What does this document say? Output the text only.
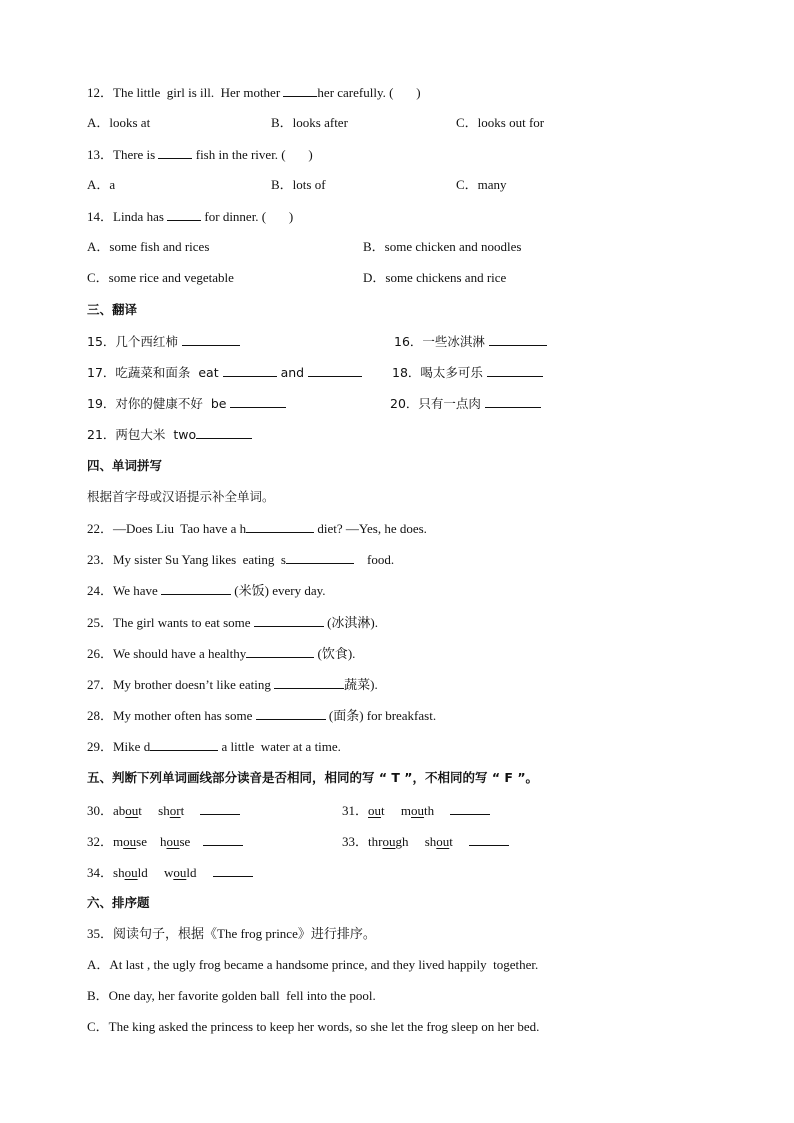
12．The little  girl is ill.  Her mother	her carefully. (       )
A．looks at	B．looks after	C．looks out for
13．There is	fish in the river. (       )
A．a	B．lots of	C．many
14．Linda has	for dinner. (       )
A．some fish and rices	B．some chicken and noodles
C．some rice and vegetable	D．some chickens and rice
三、翻译
15．几个西红柿	16．一些冰淇淋
17．吃蔬菜和面条  eat	and	18．喝太多可乐
19．对你的健康不好  be	20．只有一点肉
21．两包大米  two
四、单词拼写
根据首字母或汉语提示补全单词。
22．—Does Liu  Tao have a h	diet? —Yes, he does.
23．My sister Su Yang likes  eating  s	food.
24．We have	(米饭) every day.
25．The girl wants to eat some	(冰淇淋).
26．We should have a healthy	(饮食).
27．My brother doesn’t like eating	蔬菜).
28．My mother often has some	(面条) for breakfast.
29．Mike d	a little  water at a time.
五、判断下列单词画线部分读音是否相同，相同的写 “ T ”，不相同的写 “ F ”。
30．about short	31．out mouth
32．mouse house	33．through shout
34．should would
六、排序题
35．阅读句子，根据《The frog prince》进行排序。
A．At last , the ugly frog became a handsome prince, and they lived happily  together.
B．One day, her favorite golden ball  fell into the pool.
C．The king asked the princess to keep her words, so she let the frog sleep on her bed.
